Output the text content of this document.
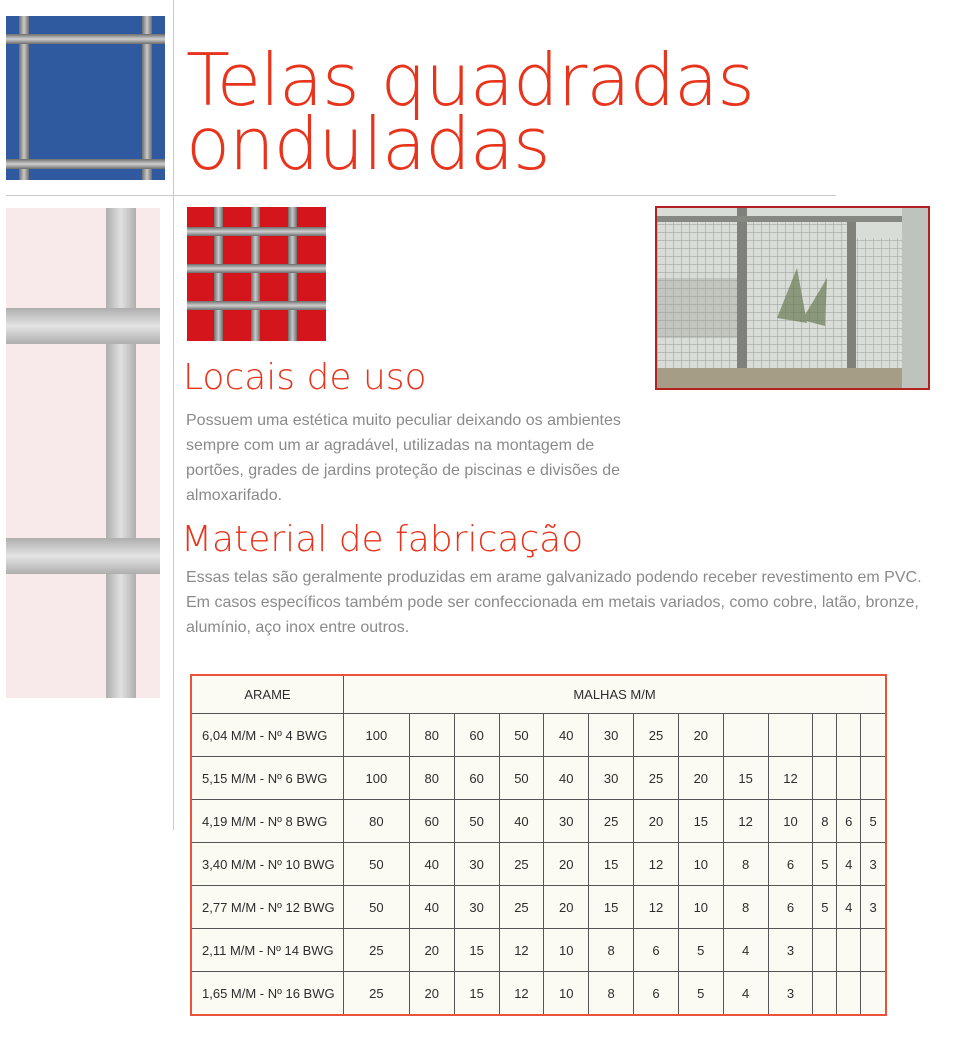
Telas quadradas
onduladas
Locais de uso

Possuem uma estética muito peculiar deixando os ambientes sempre com um ar agradável, utilizadas na montagem de portões, grades de jardins proteção de piscinas e divisões de almoxarifado.

Material de fabricação

Essas telas são geralmente produzidas em arame galvanizado podendo receber revestimento em PVC. Em casos específicos também pode ser confeccionada em metais variados, como cobre, latão, bronze, alumínio, aço inox entre outros.

ARAME	MALHAS M/M												
6,04 M/M - Nº 4 BWG	100	80	60	50	40	30	25	20					
5,15 M/M - Nº 6 BWG	100	80	60	50	40	30	25	20	15	12			
4,19 M/M - Nº 8 BWG	80	60	50	40	30	25	20	15	12	10	8	6	5
3,40 M/M - Nº 10 BWG	50	40	30	25	20	15	12	10	8	6	5	4	3
2,77 M/M - Nº 12 BWG	50	40	30	25	20	15	12	10	8	6	5	4	3
2,11 M/M - Nº 14 BWG	25	20	15	12	10	8	6	5	4	3			
1,65 M/M - Nº 16 BWG	25	20	15	12	10	8	6	5	4	3			
